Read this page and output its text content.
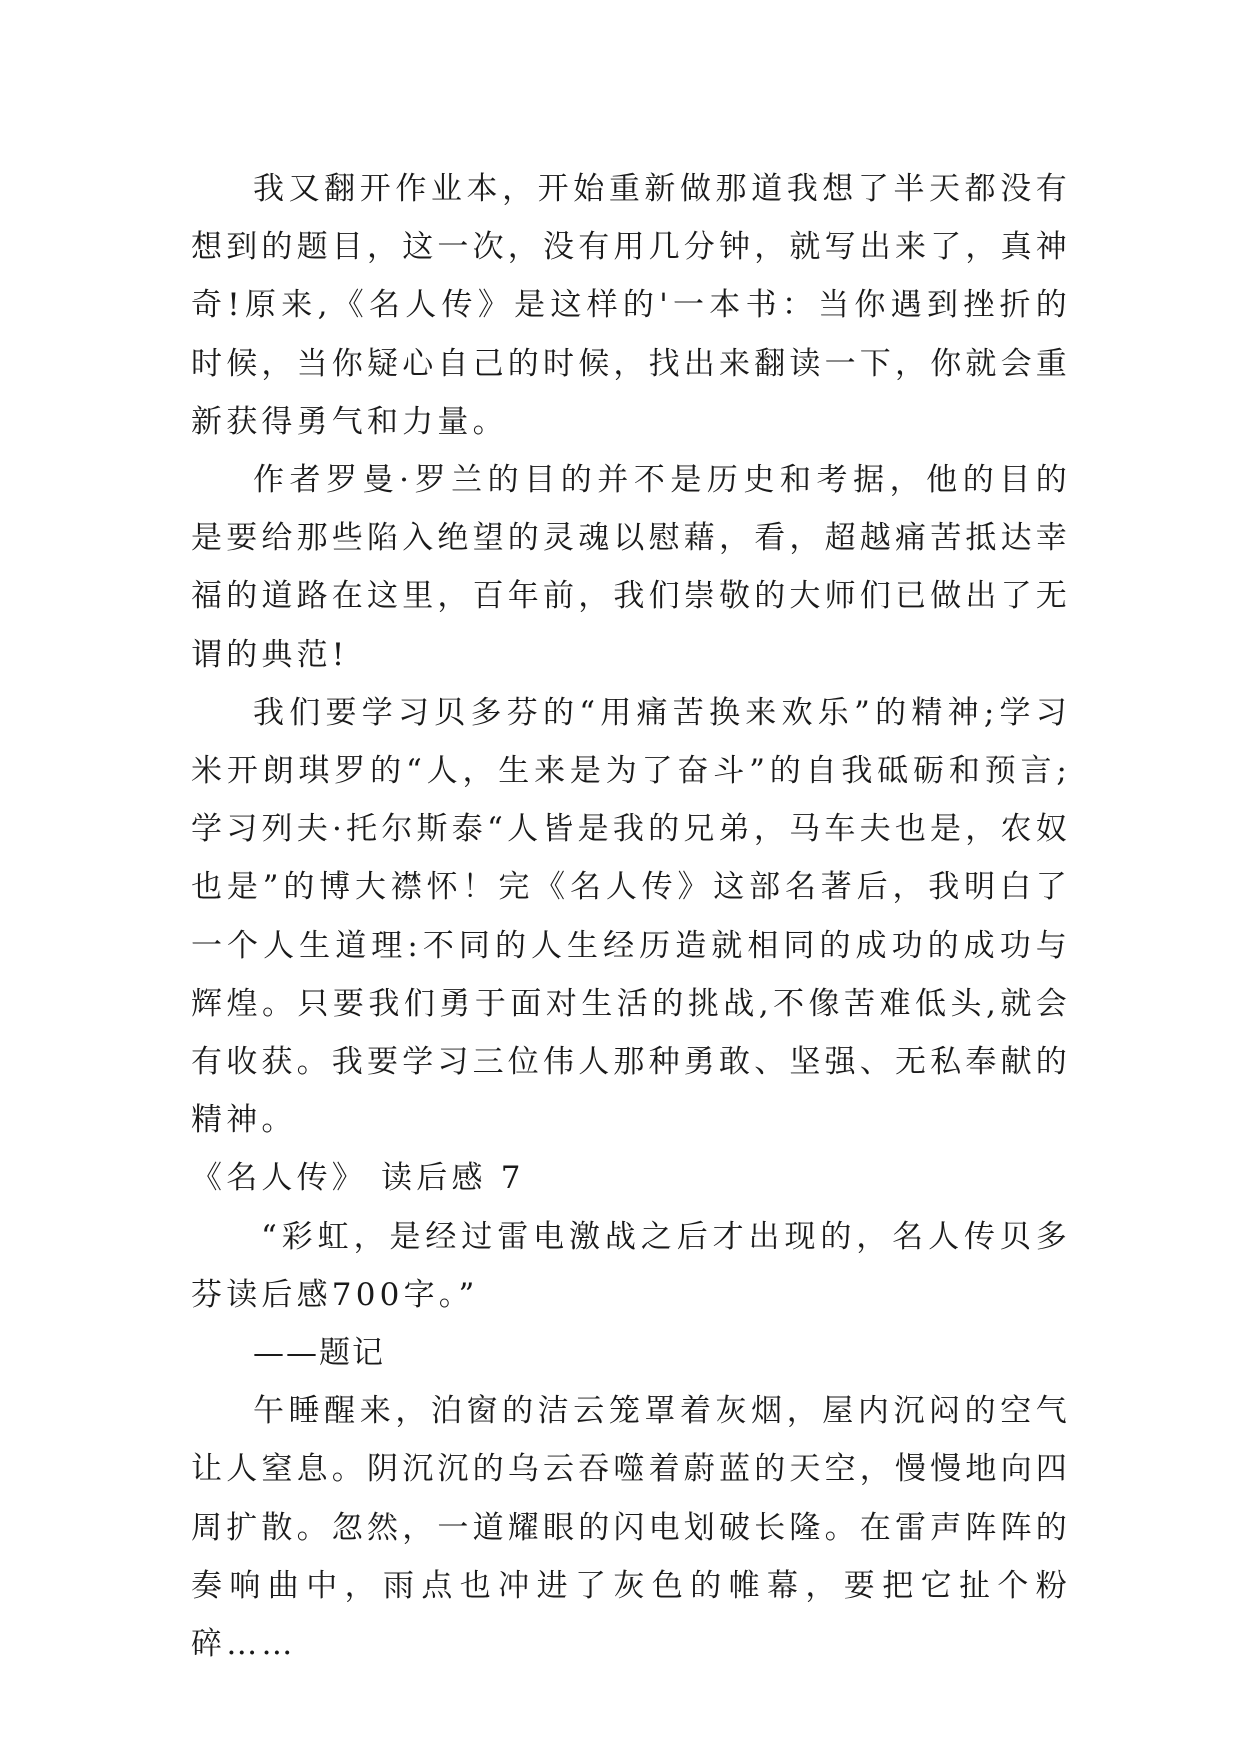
我又翻开作业本，开始重新做那道我想了半天都没有想到的题目，这一次，没有用几分钟，就写出来了，真神奇!原来,《名人传》是这样的'一本书：当你遇到挫折的时候，当你疑心自己的时候，找出来翻读一下，你就会重新获得勇气和力量。

作者罗曼·罗兰的目的并不是历史和考据，他的目的是要给那些陷入绝望的灵魂以慰藉，看，超越痛苦抵达幸福的道路在这里，百年前，我们崇敬的大师们已做出了无谓的典范!

我们要学习贝多芬的“用痛苦换来欢乐”的精神;学习米开朗琪罗的“人，生来是为了奋斗”的自我砥砺和预言;学习列夫·托尔斯泰“人皆是我的兄弟，马车夫也是，农奴也是”的博大襟怀！完《名人传》这部名著后，我明白了一个人生道理:不同的人生经历造就相同的成功的成功与辉煌。只要我们勇于面对生活的挑战,不像苦难低头,就会有收获。我要学习三位伟人那种勇敢、坚强、无私奉献的精神。

《名人传》 读后感 7

“彩虹，是经过雷电激战之后才出现的，名人传贝多芬读后感700字。”

——题记

午睡醒来，泊窗的洁云笼罩着灰烟，屋内沉闷的空气让人窒息。阴沉沉的乌云吞噬着蔚蓝的天空，慢慢地向四周扩散。忽然，一道耀眼的闪电划破长隆。在雷声阵阵的奏响曲中，雨点也冲进了灰色的帷幕，要把它扯个粉碎……
